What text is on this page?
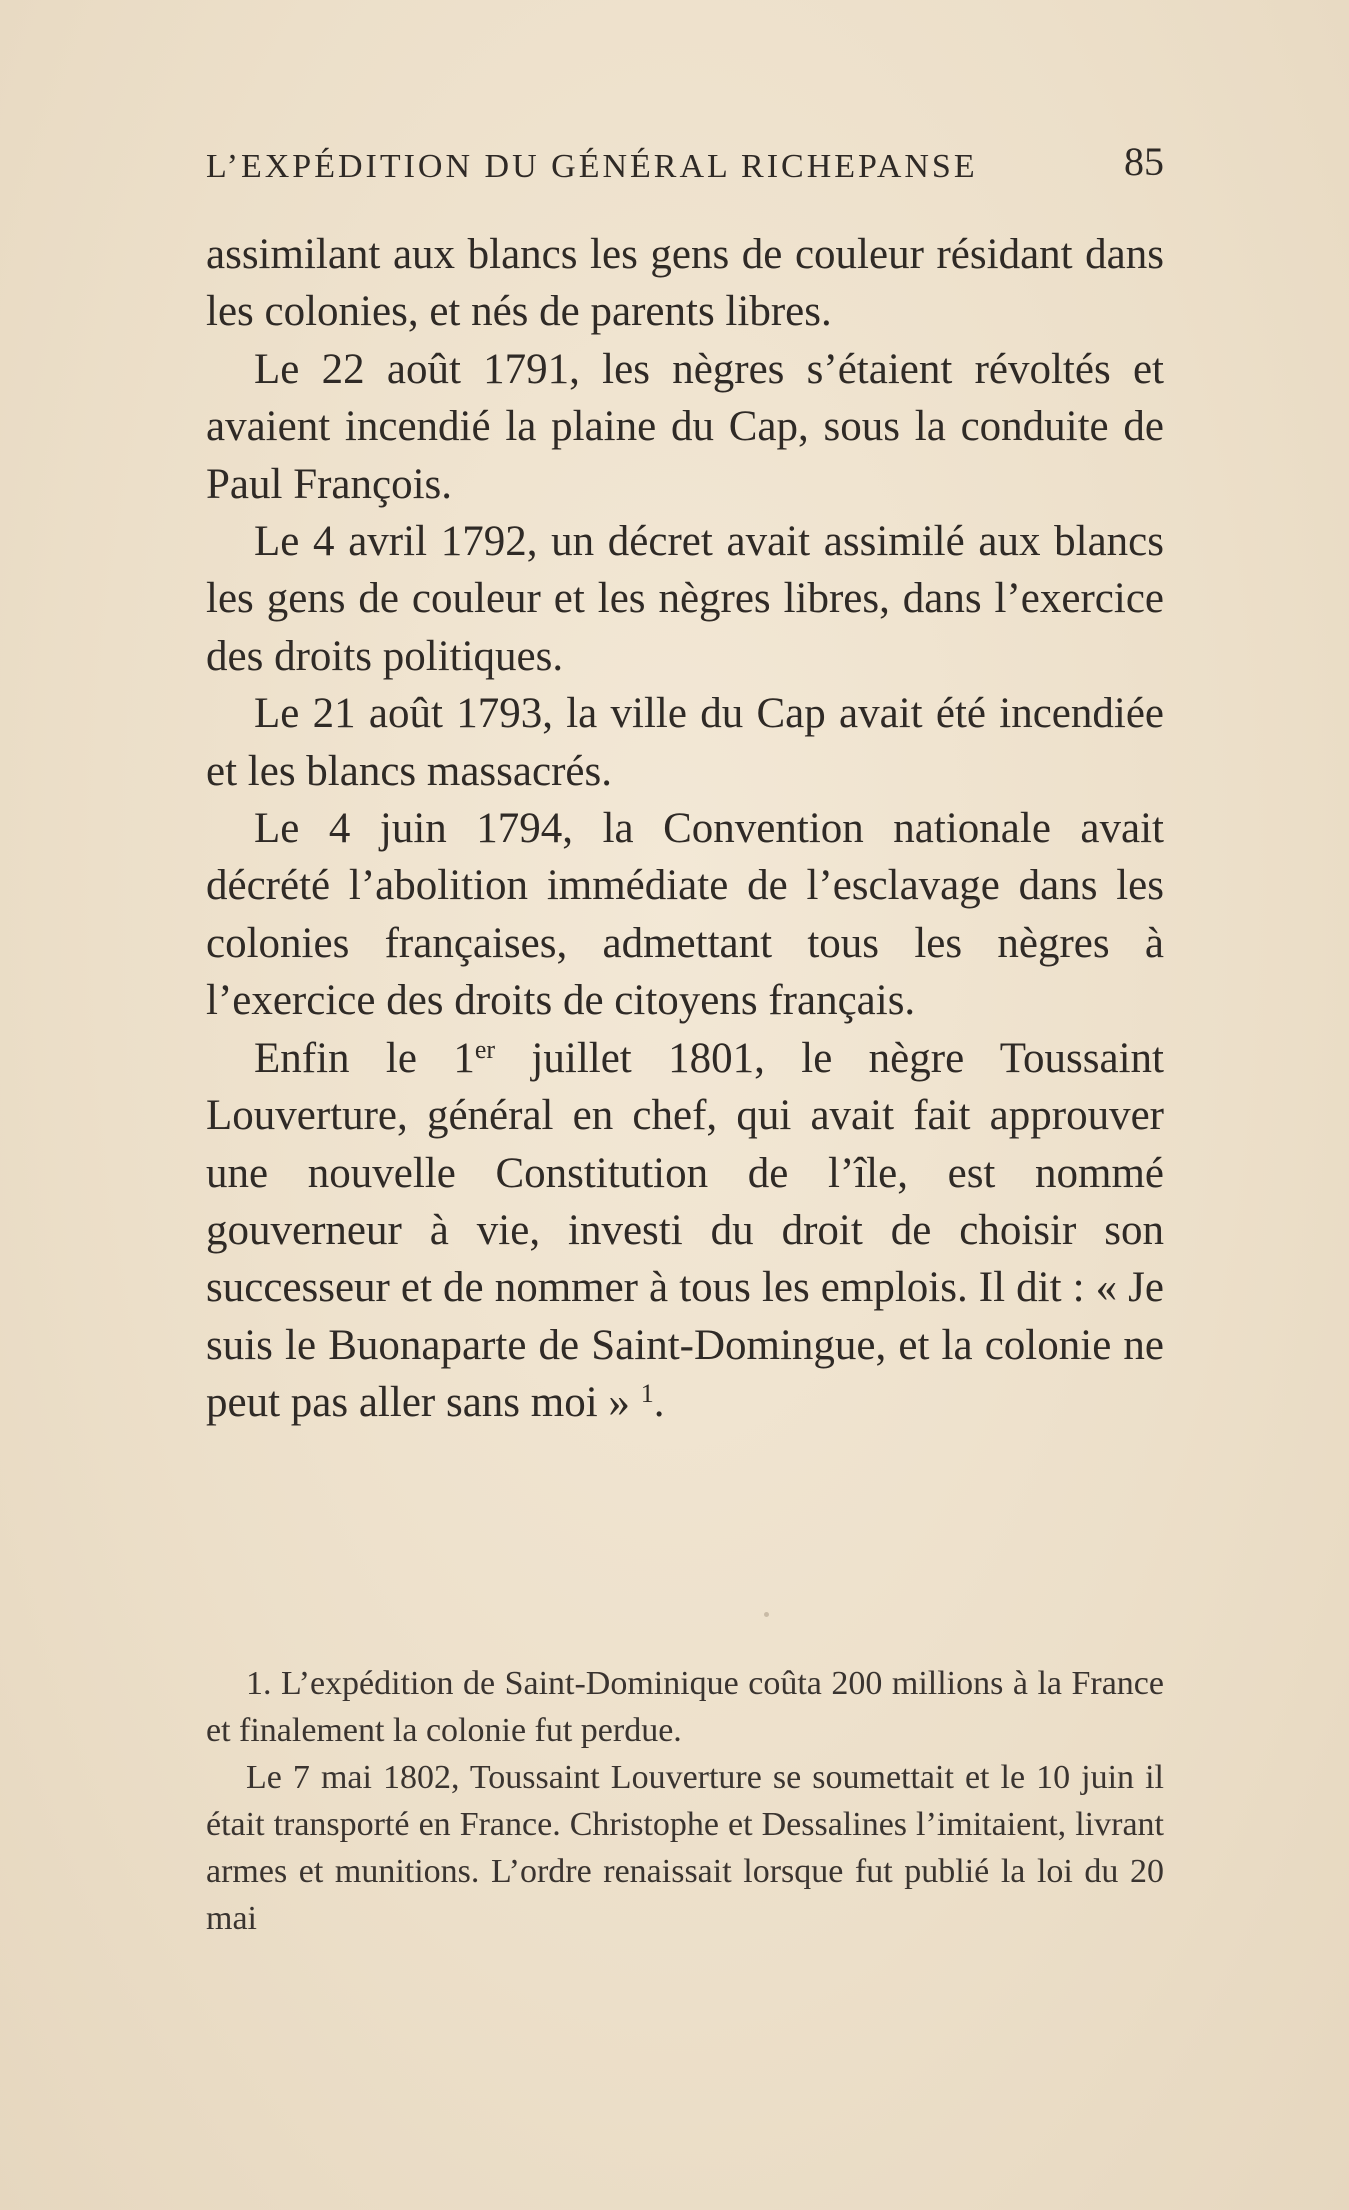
L’EXPÉDITION DU GÉNÉRAL RICHEPANSE	85

assimilant aux blancs les gens de couleur résidant dans les colonies, et nés de parents libres.

Le 22 août 1791, les nègres s’étaient révoltés et avaient incendié la plaine du Cap, sous la conduite de Paul François.

Le 4 avril 1792, un décret avait assimilé aux blancs les gens de couleur et les nègres libres, dans l’exercice des droits politiques.

Le 21 août 1793, la ville du Cap avait été incendiée et les blancs massacrés.

Le 4 juin 1794, la Convention nationale avait décrété l’abolition immédiate de l’esclavage dans les colonies françaises, admettant tous les nègres à l’exercice des droits de citoyens français.

Enfin le 1er juillet 1801, le nègre Toussaint Louverture, général en chef, qui avait fait approuver une nouvelle Constitution de l’île, est nommé gouverneur à vie, investi du droit de choisir son successeur et de nommer à tous les emplois. Il dit : « Je suis le Buonaparte de Saint-Domingue, et la colonie ne peut pas aller sans moi » $^1$.

1. L’expédition de Saint-Dominique coûta 200 millions à la France et finalement la colonie fut perdue.

Le 7 mai 1802, Toussaint Louverture se soumettait et le 10 juin il était transporté en France. Christophe et Dessalines l’imitaient, livrant armes et munitions. L’ordre renaissait lorsque fut publié la loi du 20 mai
